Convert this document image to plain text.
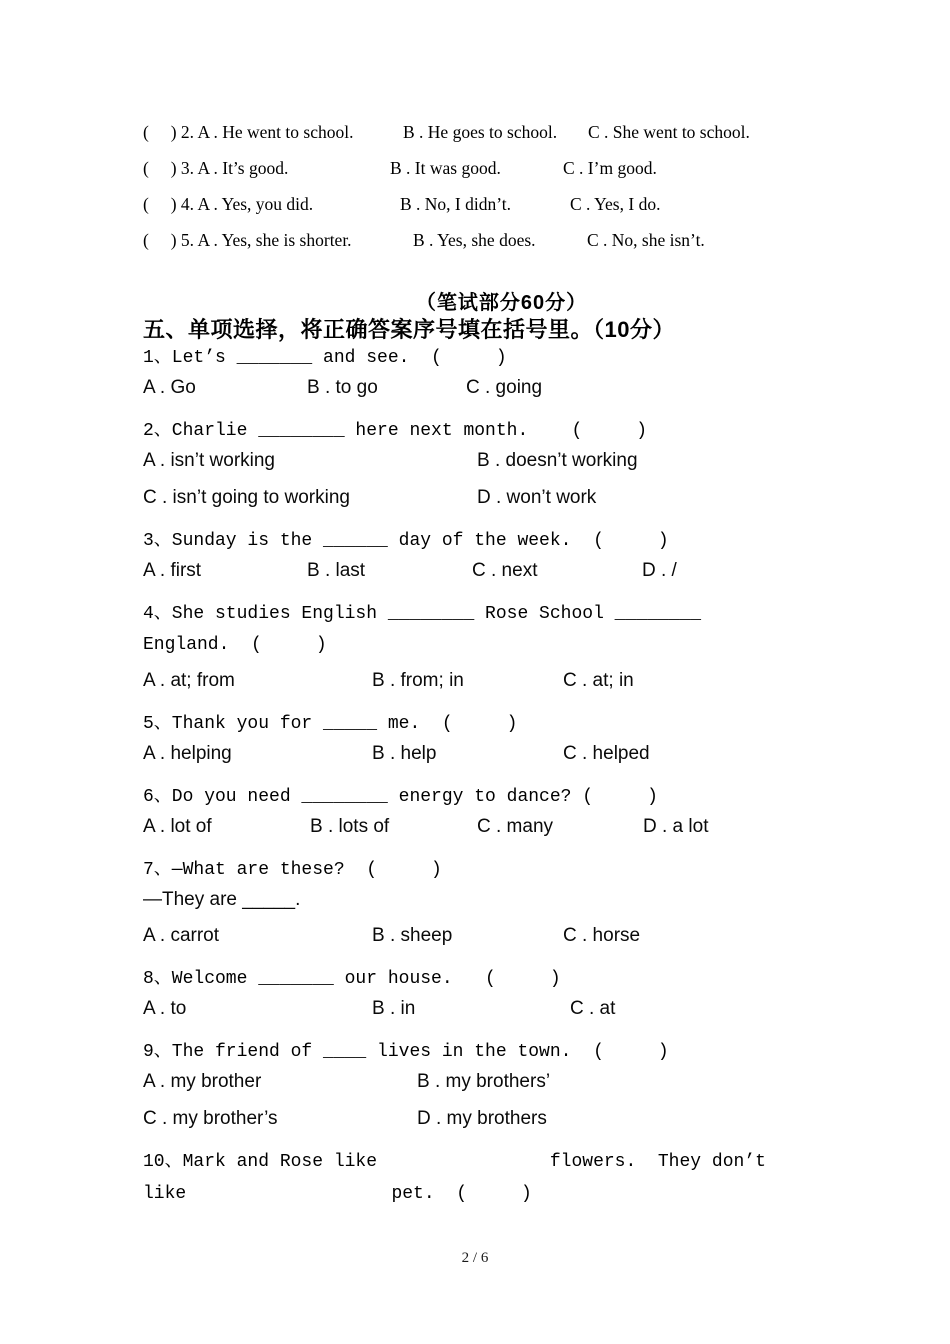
(     ) 2. A . He went to school.	B . He goes to school. C . She went to school.
(     ) 3. A . It’s good.	B . It was good.	C . I’m good.
(     ) 4. A . Yes, you did.	B . No, I didn’t.	C . Yes, I do.
(     ) 5. A . Yes, she is shorter.	B . Yes, she does.	C . No, she isn’t.
（笔试部分60分）
五、单项选择，将正确答案序号填在括号里。（10分）
1、Let’s _______ and see.  (     )
A . Go	B . to go	C . going
2、Charlie ________ here next month.    (     )
A . isn’t working	B . doesn’t working
C . isn’t going to working	D . won’t work
3、Sunday is the ______ day of the week.  (     )
A . first	B . last	C . next	D . /
4、She studies English ________ Rose School ________
England.  (     )
A . at; from	B . from; in	C . at; in
5、Thank you for _____ me.  (     )
A . helping	B . help	C . helped
6、Do you need ________ energy to dance? (     )
A . lot of	B . lots of	C . many	D . a lot
7、—What are these?  (     )
—They are _____.
A . carrot	B . sheep	C . horse
8、Welcome _______ our house.   (     )
A . to	B . in	C . at
9、The friend of ____ lives in the town.  (     )
A . my brother	B . my brothers’
C . my brother’s	D . my brothers
10、Mark and Rose like                flowers.  They don’t
like                   pet.  (     )
2 / 6
